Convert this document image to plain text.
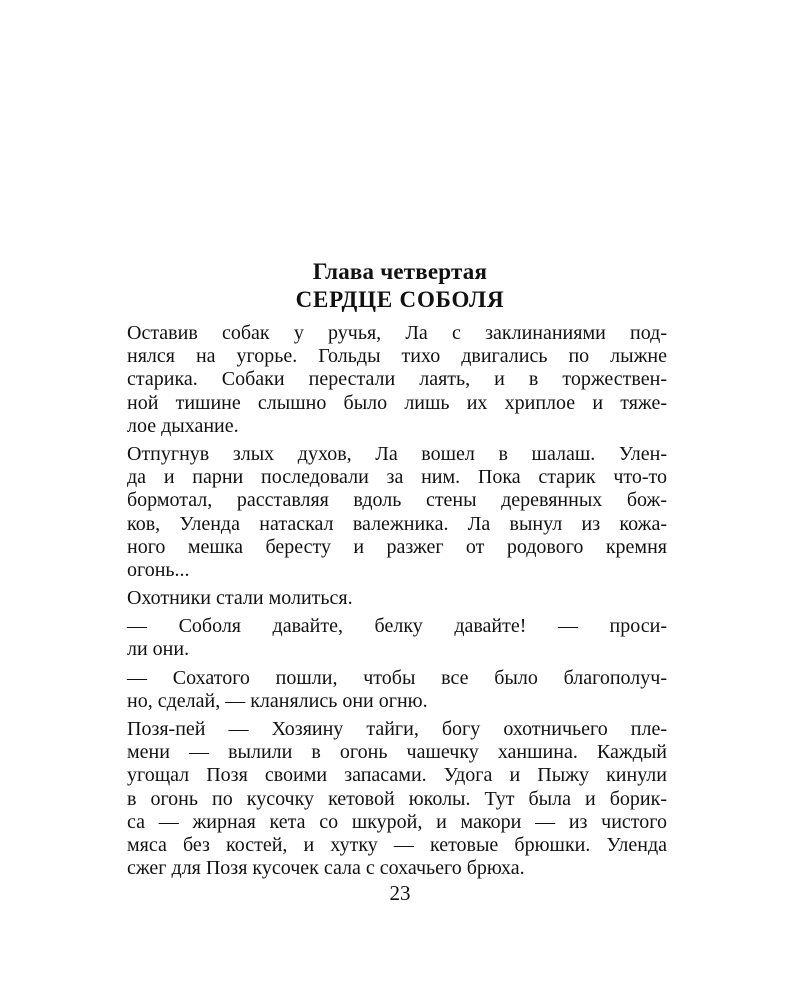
Глава четвертая
СЕРДЦЕ СОБОЛЯ
Оставив собак у ручья, Ла с заклинаниями под-
нялся на угорье. Гольды тихо двигались по лыжне
старика. Собаки перестали лаять, и в торжествен-
ной тишине слышно было лишь их хриплое и тяже-
лое дыхание.
Отпугнув злых духов, Ла вошел в шалаш. Улен-
да и парни последовали за ним. Пока старик что-то
бормотал, расставляя вдоль стены деревянных бож-
ков, Уленда натаскал валежника. Ла вынул из кожа-
ного мешка бересту и разжег от родового кремня
огонь...
Охотники стали молиться.
— Соболя давайте, белку давайте! — проси-
ли они.
— Сохатого пошли, чтобы все было благополуч-
но, сделай, — кланялись они огню.
Позя-пей — Хозяину тайги, богу охотничьего пле-
мени — вылили в огонь чашечку ханшина. Каждый
угощал Позя своими запасами. Удога и Пыжу кинули
в огонь по кусочку кетовой юколы. Тут была и борик-
са — жирная кета со шкурой, и макори — из чистого
мяса без костей, и хутку — кетовые брюшки. Уленда
сжег для Позя кусочек сала с сохачьего брюха.
23
